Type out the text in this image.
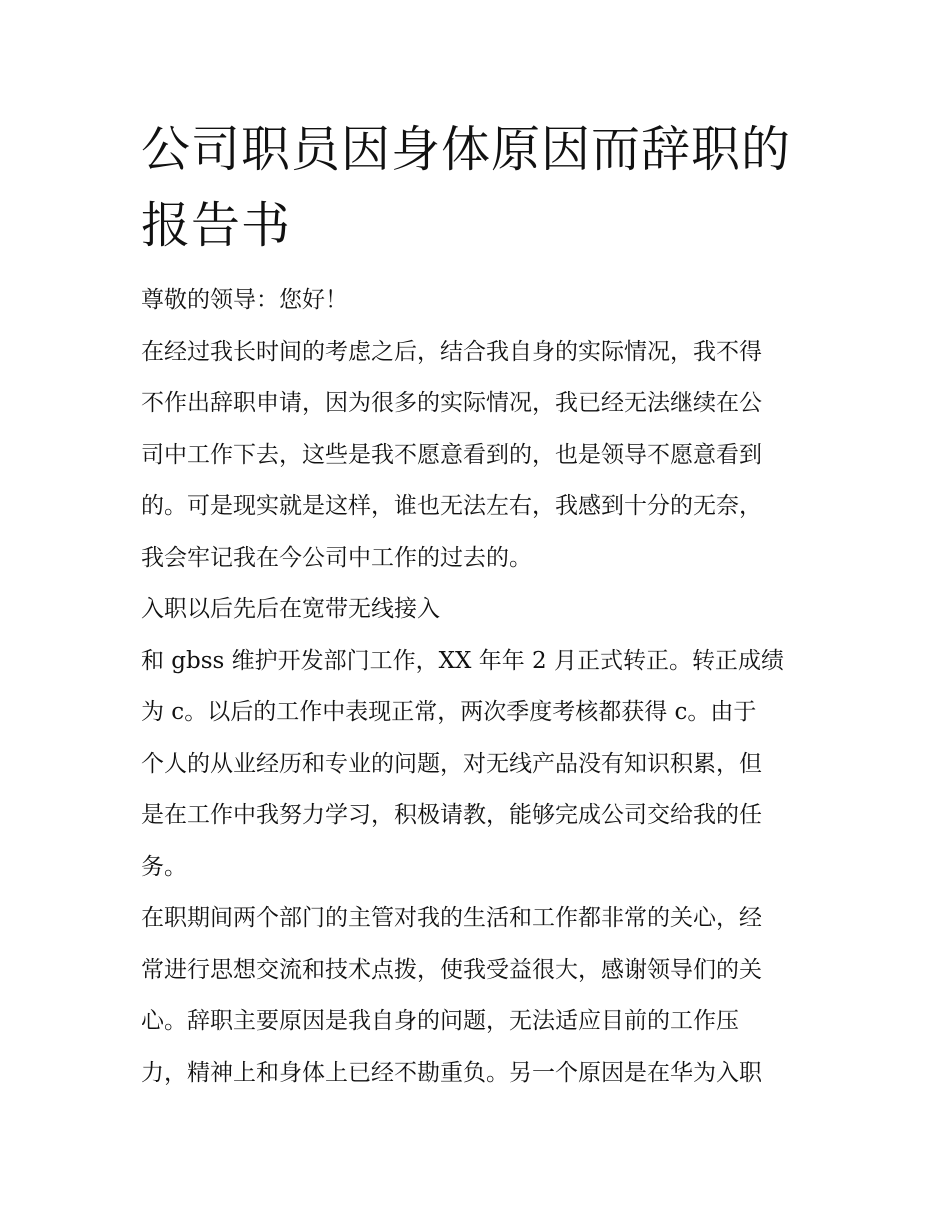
公司职员因身体原因而辞职的
报告书

尊敬的领导：您好！

在经过我长时间的考虑之后，结合我自身的实际情况，我不得
不作出辞职申请，因为很多的实际情况，我已经无法继续在公
司中工作下去，这些是我不愿意看到的，也是领导不愿意看到
的。可是现实就是这样，谁也无法左右，我感到十分的无奈，
我会牢记我在今公司中工作的过去的。

入职以后先后在宽带无线接入

和 gbss 维护开发部门工作，XX 年年 2 月正式转正。转正成绩
为 c。以后的工作中表现正常，两次季度考核都获得 c。由于
个人的从业经历和专业的问题，对无线产品没有知识积累，但
是在工作中我努力学习，积极请教，能够完成公司交给我的任
务。

在职期间两个部门的主管对我的生活和工作都非常的关心，经
常进行思想交流和技术点拨，使我受益很大，感谢领导们的关
心。辞职主要原因是我自身的问题，无法适应目前的工作压
力，精神上和身体上已经不勘重负。另一个原因是在华为入职
